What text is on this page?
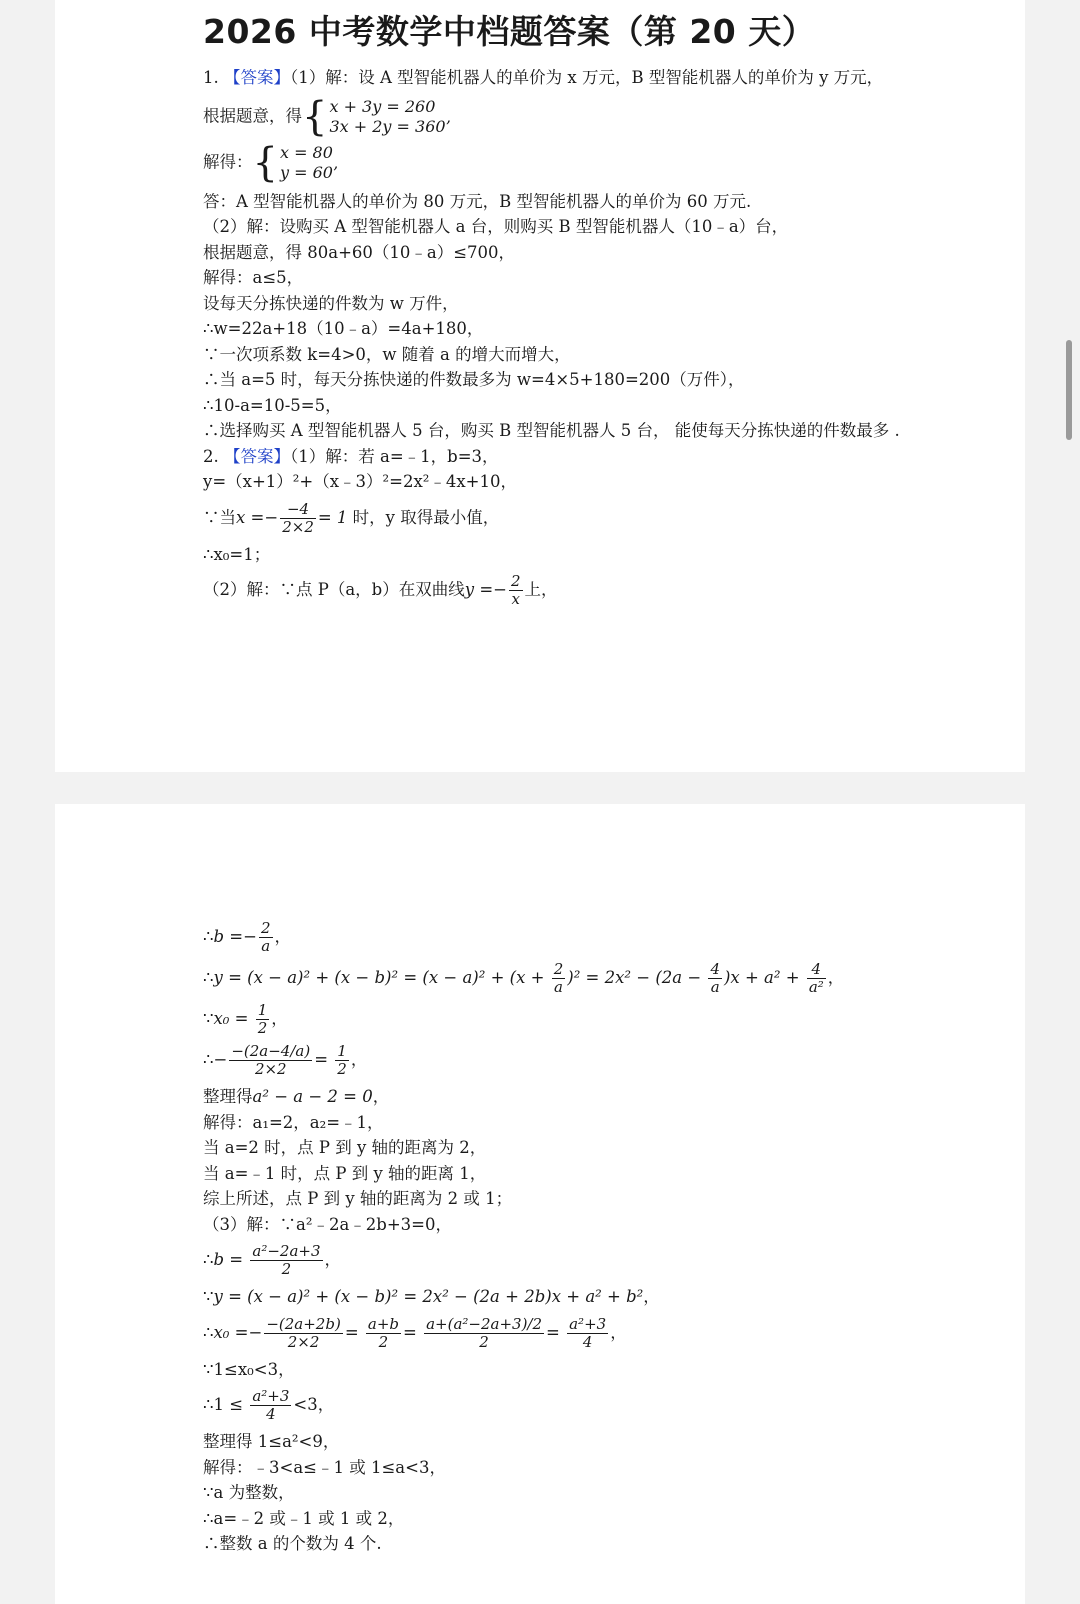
2026 中考数学中档题答案（第 20 天）
1. 【答案】（1）解：设 A 型智能机器人的单价为 x 万元，B 型智能机器人的单价为 y 万元，
根据题意，得 { x + 3y = 260
3x + 2y = 360’
解得： { x = 80
y = 60’
答：A 型智能机器人的单价为 80 万元，B 型智能机器人的单价为 60 万元.
（2）解：设购买 A 型智能机器人 a 台，则购买 B 型智能机器人（10﹣a）台，
根据题意，得 80a+60（10﹣a）≤700，
解得：a≤5，
设每天分拣快递的件数为 w 万件，
∴w=22a+18（10﹣a）=4a+180，
∵一次项系数 k=4>0，w 随着 a 的增大而增大，
∴当 a=5 时，每天分拣快递的件数最多为 w=4×5+180=200（万件），
∴10-a=10-5=5，
∴选择购买 A 型智能机器人 5 台，购买 B 型智能机器人 5 台， 能使每天分拣快递的件数最多 .
2. 【答案】（1）解：若 a=﹣1，b=3，
y=（x+1）²+（x﹣3）²=2x²﹣4x+10，
∵当$x =- \frac{-4}{2\times 2} = 1$ 时，y 取得最小值，
∴x₀=1；
（2）解：∵点 P（a，b）在双曲线$y =- \frac{2}{x}$ 上，
∴b =− $\frac{2}{a}$ ，
∴y = $(x - a)^2 + (x - b)^2 = (x - a)^2 + (x + \frac{2}{a} )^2 = 2x^2 - (2a - \frac{4}{a} )x + a^2 + \frac{4}{\text{a²}}$ ，
∵x₀ = $\frac{1}{2}$ ，
∴− $\frac{-(2a-4/a)}{2\times 2} = \frac{1}{2}$ ，
整理得a² − a − 2 = 0，
解得：a₁=2，a₂=﹣1，
当 a=2 时，点 P 到 y 轴的距离为 2，
当 a=﹣1 时，点 P 到 y 轴的距离 1，
综上所述，点 P 到 y 轴的距离为 2 或 1；
（3）解：∵a²﹣2a﹣2b+3=0，
∴b = $\frac{\text{a²−2a+3}}{2}$ ，
∵y = (x − a)² + (x − b)² = 2x² − (2a + 2b)x + a² + b²，
∴x₀ =− $\frac{-(2a+2b)}{2\times 2} = \frac{a+b}{2} = \frac{\text{a+(a²−2a+3)/2}}{2} = \frac{\text{a²+3}}{4}$ ，
∵1≤x₀<3，
∴1 ≤ $\frac{\text{a²+3}}{4} <3$，
整理得 1≤a²<9，
解得：﹣3<a≤﹣1 或 1≤a<3，
∵a 为整数，
∴a=﹣2 或﹣1 或 1 或 2，
∴整数 a 的个数为 4 个.
